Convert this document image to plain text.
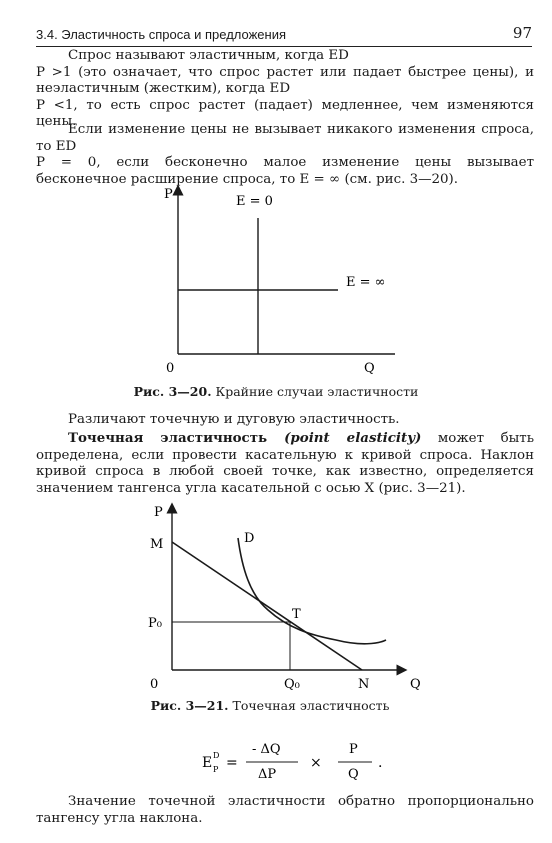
3.4. Эластичность спроса и предложения	97

Спрос называют эластичным, когда ED
P >1 (это означает, что спрос растет или падает быстрее цены), и неэластичным (жестким), когда ED
P <1, то есть спрос растет (падает) медленнее, чем изменяются цены.

Если изменение цены не вызывает никакого изменения спроса, то ED
P = 0, если бесконечно малое изменение цены вызывает бесконечное расширение спроса, то E = ∞ (см. рис. 3—20).

P
Q
0
E = 0
E = ∞
Рис. 3—20. Крайние случаи эластичности

Различают точечную и дуговую эластичность.

Точечная эластичность (point elasticity) может быть определена, если провести касательную к кривой спроса. Наклон кривой спроса в любой своей точке, как известно, определяется значением тангенса угла касательной с осью X (рис. 3—21).

P
Q
0
M	D
T
P₀
Q₀	N
Рис. 3—21. Точечная эластичность
E D
P =
- ΔQ
ΔP
×
P
Q
.

Значение точечной эластичности обратно пропорционально тангенсу угла наклона.
